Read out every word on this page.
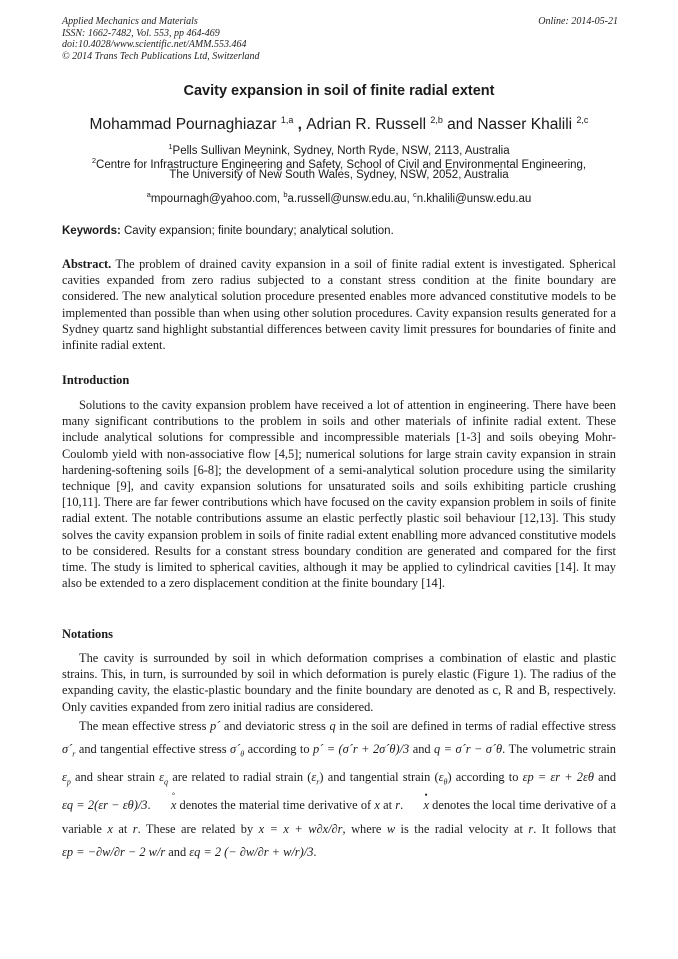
Applied Mechanics and Materials
ISSN: 1662-7482, Vol. 553, pp 464-469
doi:10.4028/www.scientific.net/AMM.553.464
© 2014 Trans Tech Publications Ltd, Switzerland
Online: 2014-05-21
Cavity expansion in soil of finite radial extent
Mohammad Pournaghiazar $^{1,a}$ , Adrian R. Russell $^{2,b}$ and Nasser Khalili $^{2,c}$
$^1$Pells Sullivan Meynink, Sydney, North Ryde, NSW, 2113, Australia
$^2$Centre for Infrastructure Engineering and Safety, School of Civil and Environmental Engineering,
The University of New South Wales, Sydney, NSW, 2052, Australia
$^a$mpournagh@yahoo.com, $^b$a.russell@unsw.edu.au, $^c$n.khalili@unsw.edu.au
Keywords: Cavity expansion; finite boundary; analytical solution.

Abstract. The problem of drained cavity expansion in a soil of finite radial extent is investigated. Spherical cavities expanded from zero radius subjected to a constant stress condition at the finite boundary are considered. The new analytical solution procedure presented enables more advanced constitutive models to be implemented than possible than when using other solution procedures. Cavity expansion results generated for a Sydney quartz sand highlight substantial differences between cavity limit pressures for boundaries of finite and infinite radial extent.

Introduction

Solutions to the cavity expansion problem have received a lot of attention in engineering. There have been many significant contributions to the problem in soils and other materials of infinite radial extent. These include analytical solutions for compressible and incompressible materials [1-3] and soils obeying Mohr-Coulomb yield with non-associative flow [4,5]; numerical solutions for large strain cavity expansion in strain hardening-softening soils [6-8]; the development of a semi-analytical solution procedure using the similarity technique [9], and cavity expansion solutions for unsaturated soils and soils exhibiting particle crushing [10,11]. There are far fewer contributions which have focused on the cavity expansion problem in soils of finite radial extent. The notable contributions assume an elastic perfectly plastic soil behaviour [12,13]. This study solves the cavity expansion problem in soils of finite radial extent enablling more advanced constitutive models to be considered. Results for a constant stress boundary condition are generated and compared for the first time. The study is limited to spherical cavities, although it may be applied to cylindrical cavities [14]. It may also be extended to a zero displacement condition at the finite boundary [14].

Notations

The cavity is surrounded by soil in which deformation comprises a combination of elastic and plastic strains. This, in turn, is surrounded by soil in which deformation is purely elastic (Figure 1). The radius of the expanding cavity, the elastic-plastic boundary and the finite boundary are denoted as c, R and B, respectively. Only cavities expanded from zero initial radius are considered.

The mean effective stress p´ and deviatoric stress q in the soil are defined in terms of radial effective stress $\sigma´_r$ and tangential effective stress $\sigma´_\theta$ according to p´ = (σ´r + 2σ´θ)/3 and q = σ´r − σ´θ. The volumetric strain $\varepsilon_p$ and shear strain $\varepsilon_q$ are related to radial strain $(\varepsilon_r)$ and tangential strain $(\varepsilon_\theta)$ according to εp = εr + 2εθ and εq = 2(εr − εθ)/3. ° x denotes the material time derivative of x at r. • x denotes the local time derivative of a variable x at r. These are related by x = x + w∂x/∂r, where w is the radial velocity at r. It follows that εp = −∂w/∂r − 2 w/r and εq = 2 (− ∂w/∂r + w/r)/3.
